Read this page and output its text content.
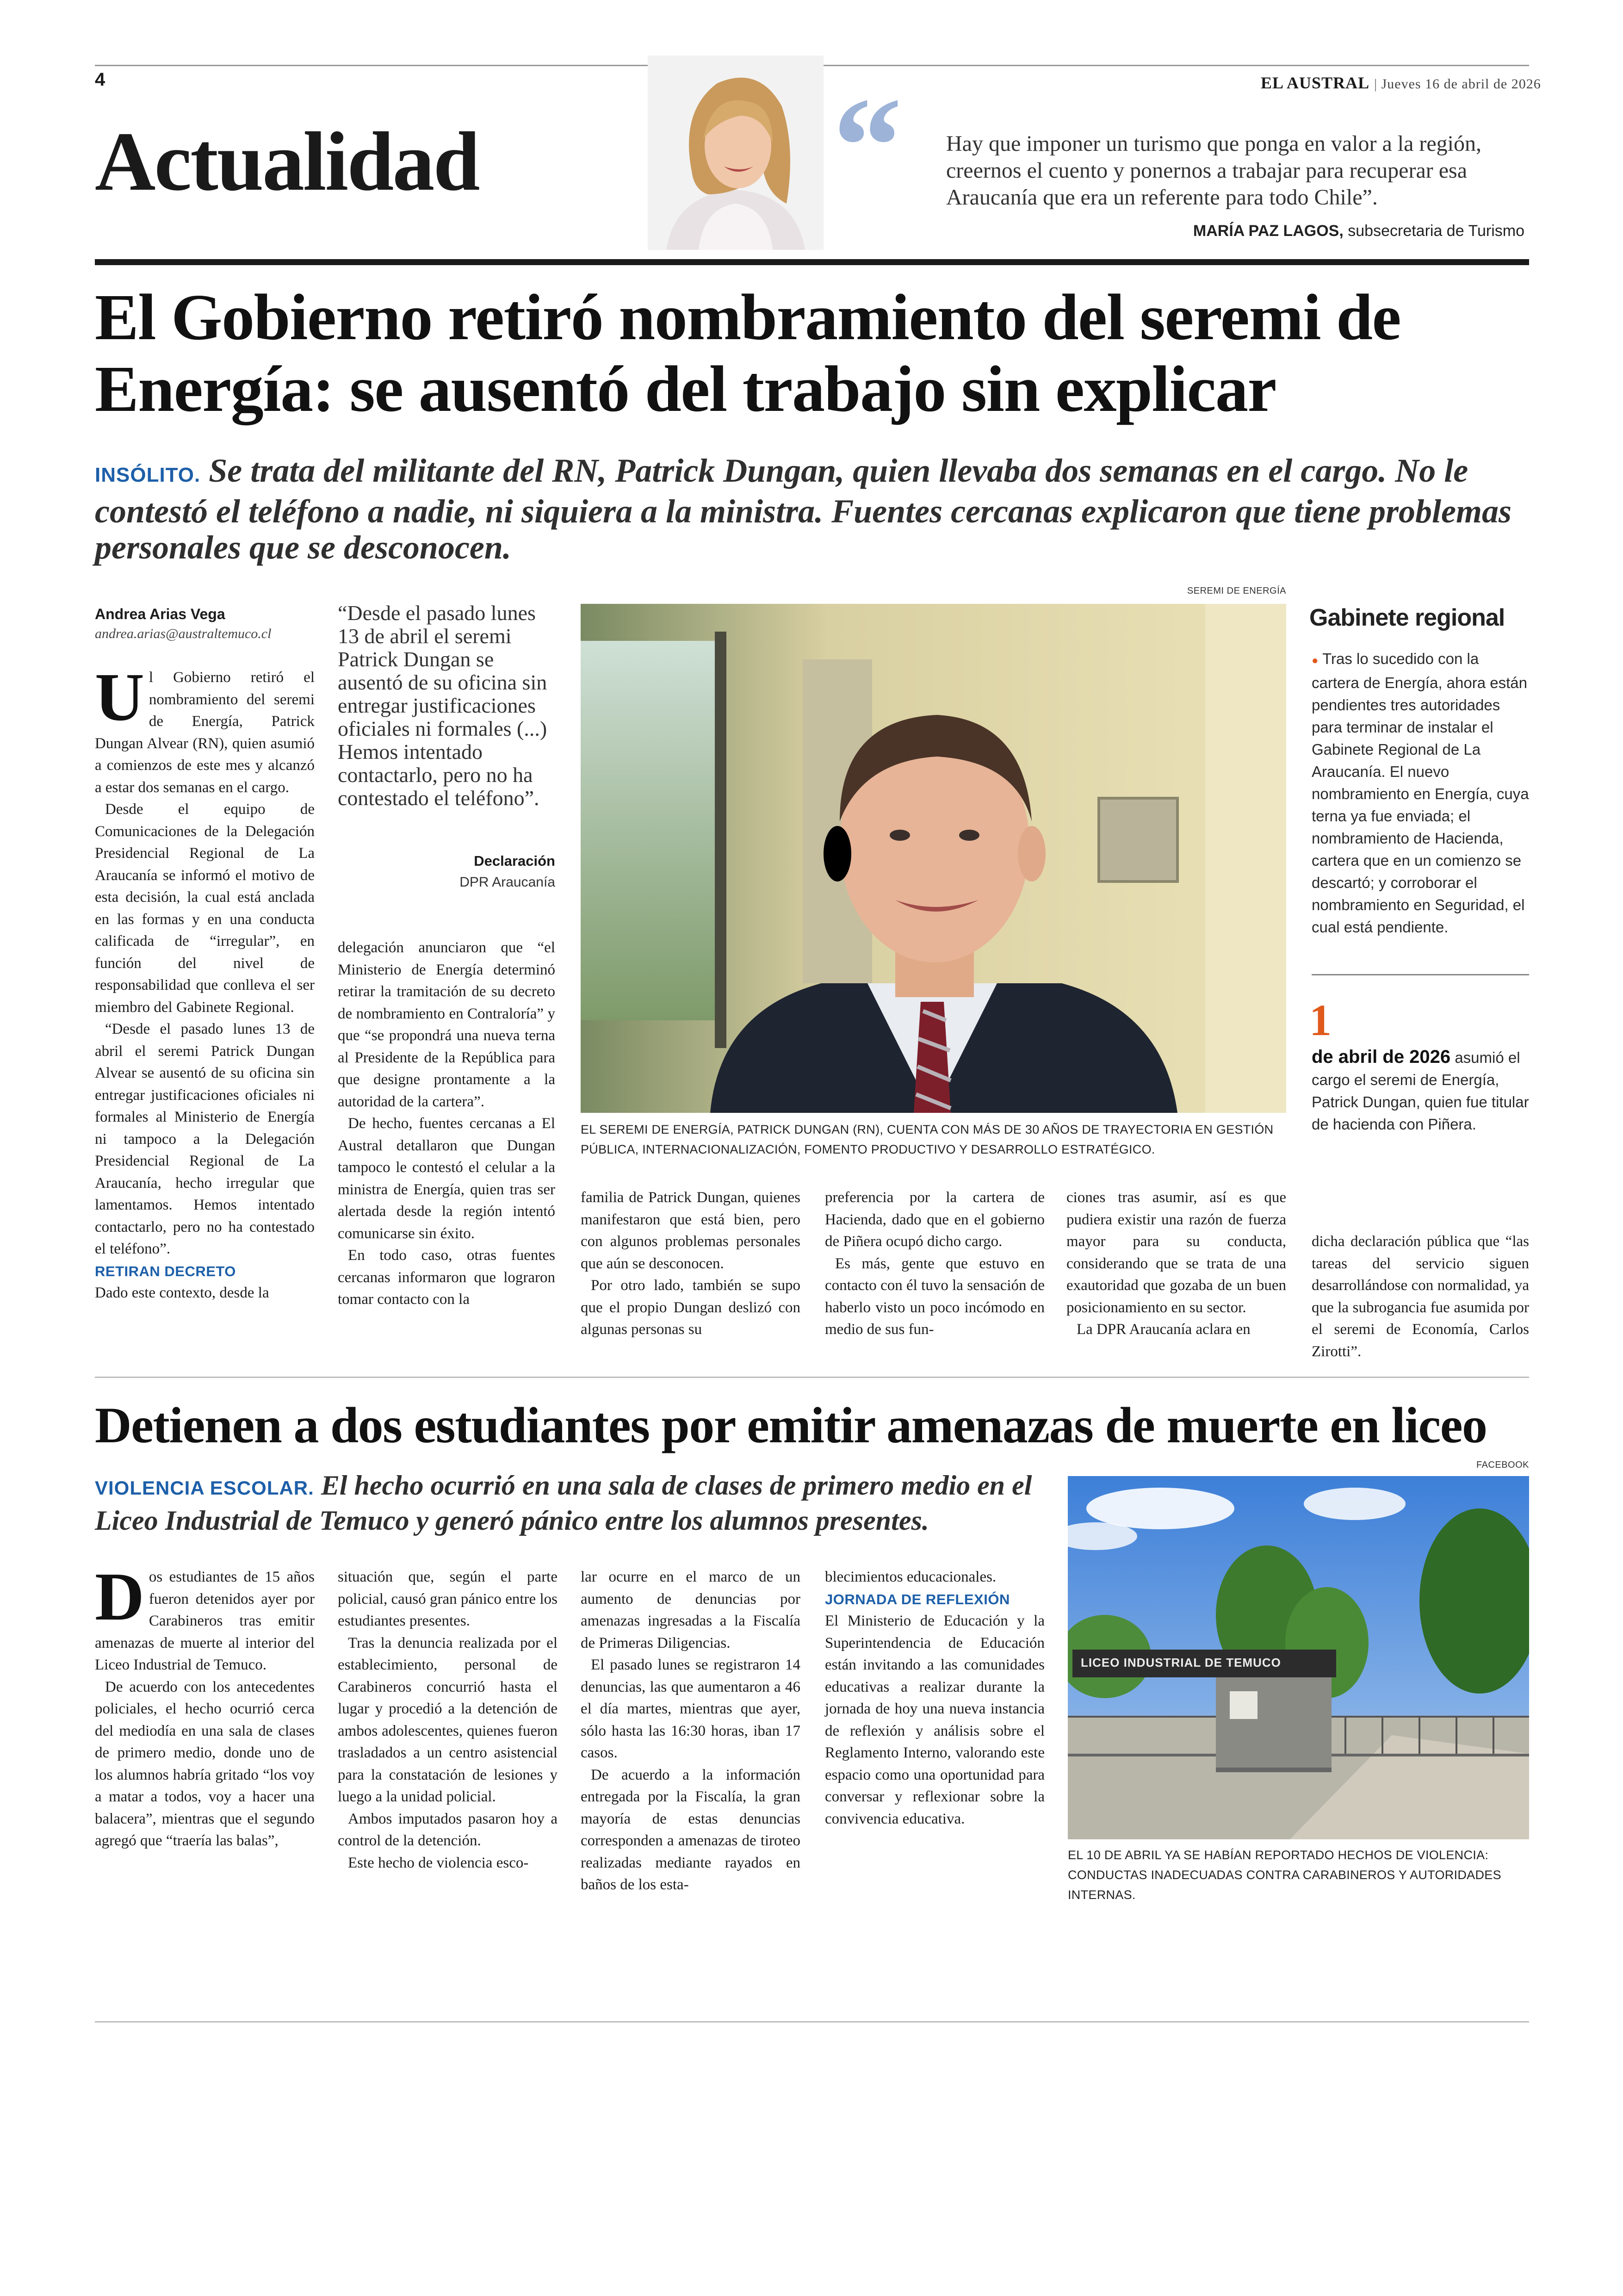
4	EL AUSTRAL | Jueves 16 de abril de 2026
Actualidad	“ Hay que imponer un turismo que ponga en valor a la región, creernos el cuento y ponernos a trabajar para recuperar esa Araucanía que era un referente para todo Chile”.
MARÍA PAZ LAGOS, subsecretaria de Turismo
El Gobierno retiró nombramiento del seremi de Energía: se ausentó del trabajo sin explicar
INSÓLITO. Se trata del militante del RN, Patrick Dungan, quien llevaba dos semanas en el cargo. No le contestó el teléfono a nadie, ni siquiera a la ministra. Fuentes cercanas explicaron que tiene problemas personales que se desconocen.
Andrea Arias Vega
andrea.arias@australtemuco.cl

Ul Gobierno retiró el nombramiento del seremi de Energía, Patrick Dungan Alvear (RN), quien asumió a comienzos de este mes y alcanzó a estar dos semanas en el cargo.

Desde el equipo de Comunicaciones de la Delegación Presidencial Regional de La Araucanía se informó el motivo de esta decisión, la cual está anclada en las formas y en una conducta calificada de “irregular”, en función del nivel de responsabilidad que conlleva el ser miembro del Gabinete Regional.

“Desde el pasado lunes 13 de abril el seremi Patrick Dungan Alvear se ausentó de su oficina sin entregar justificaciones oficiales ni formales al Ministerio de Energía ni tampoco a la Delegación Presidencial Regional de La Araucanía, hecho irregular que lamentamos. Hemos intentado contactarlo, pero no ha contestado el teléfono”.

RETIRAN DECRETO

Dado este contexto, desde la

“Desde el pasado lunes 13 de abril el seremi Patrick Dungan se ausentó de su oficina sin entregar justificaciones oficiales ni formales (...) Hemos intentado contactarlo, pero no ha contestado el teléfono”.
Declaración
DPR Araucanía

delegación anunciaron que “el Ministerio de Energía determinó retirar la tramitación de su decreto de nombramiento en Contraloría” y que “se propondrá una nueva terna al Presidente de la República para que designe prontamente a la autoridad de la cartera”.

De hecho, fuentes cercanas a El Austral detallaron que Dungan tampoco le contestó el celular a la ministra de Energía, quien tras ser alertada desde la región intentó comunicarse sin éxito.

En todo caso, otras fuentes cercanas informaron que lograron tomar contacto con la

SEREMI DE ENERGÍA
EL SEREMI DE ENERGÍA, PATRICK DUNGAN (RN), CUENTA CON MÁS DE 30 AÑOS DE TRAYECTORIA EN GESTIÓN PÚBLICA, INTERNACIONALIZACIÓN, FOMENTO PRODUCTIVO Y DESARROLLO ESTRATÉGICO.

familia de Patrick Dungan, quienes manifestaron que está bien, pero con algunos problemas personales que aún se desconocen.

Por otro lado, también se supo que el propio Dungan deslizó con algunas personas su

preferencia por la cartera de Hacienda, dado que en el gobierno de Piñera ocupó dicho cargo.

Es más, gente que estuvo en contacto con él tuvo la sensación de haberlo visto un poco incómodo en medio de sus fun-

ciones tras asumir, así es que pudiera existir una razón de fuerza mayor para su conducta, considerando que se trata de una exautoridad que gozaba de un buen posicionamiento en su sector.

La DPR Araucanía aclara en

dicha declaración pública que “las tareas del servicio siguen desarrollándose con normalidad, ya que la subrogancia fue asumida por el seremi de Economía, Carlos Zirotti”.

Gabinete regional
● Tras lo sucedido con la cartera de Energía, ahora están pendientes tres autoridades para terminar de instalar el Gabinete Regional de La Araucanía. El nuevo nombramiento en Energía, cuya terna ya fue enviada; el nombramiento de Hacienda, cartera que en un comienzo se descartó; y corroborar el nombramiento en Seguridad, el cual está pendiente.
1
de abril de 2026 asumió el cargo el seremi de Energía, Patrick Dungan, quien fue titular de hacienda con Piñera.
Detienen a dos estudiantes por emitir amenazas de muerte en liceo
VIOLENCIA ESCOLAR. El hecho ocurrió en una sala de clases de primero medio en el Liceo Industrial de Temuco y generó pánico entre los alumnos presentes.

Dos estudiantes de 15 años fueron detenidos ayer por Carabineros tras emitir amenazas de muerte al interior del Liceo Industrial de Temuco.

De acuerdo con los antecedentes policiales, el hecho ocurrió cerca del mediodía en una sala de clases de primero medio, donde uno de los alumnos habría gritado “los voy a matar a todos, voy a hacer una balacera”, mientras que el segundo agregó que “traería las balas”,

situación que, según el parte policial, causó gran pánico entre los estudiantes presentes.

Tras la denuncia realizada por el establecimiento, personal de Carabineros concurrió hasta el lugar y procedió a la detención de ambos adolescentes, quienes fueron trasladados a un centro asistencial para la constatación de lesiones y luego a la unidad policial.

Ambos imputados pasaron hoy a control de la detención.

Este hecho de violencia esco-

lar ocurre en el marco de un aumento de denuncias por amenazas ingresadas a la Fiscalía de Primeras Diligencias.

El pasado lunes se registraron 14 denuncias, las que aumentaron a 46 el día martes, mientras que ayer, sólo hasta las 16:30 horas, iban 17 casos.

De acuerdo a la información entregada por la Fiscalía, la gran mayoría de estas denuncias corresponden a amenazas de tiroteo realizadas mediante rayados en baños de los esta-

blecimientos educacionales.

JORNADA DE REFLEXIÓN

El Ministerio de Educación y la Superintendencia de Educación están invitando a las comunidades educativas a realizar durante la jornada de hoy una nueva instancia de reflexión y análisis sobre el Reglamento Interno, valorando este espacio como una oportunidad para conversar y reflexionar sobre la convivencia educativa.

FACEBOOK
LICEO INDUSTRIAL DE TEMUCO
EL 10 DE ABRIL YA SE HABÍAN REPORTADO HECHOS DE VIOLENCIA: CONDUCTAS INADECUADAS CONTRA CARABINEROS Y AUTORIDADES INTERNAS.
